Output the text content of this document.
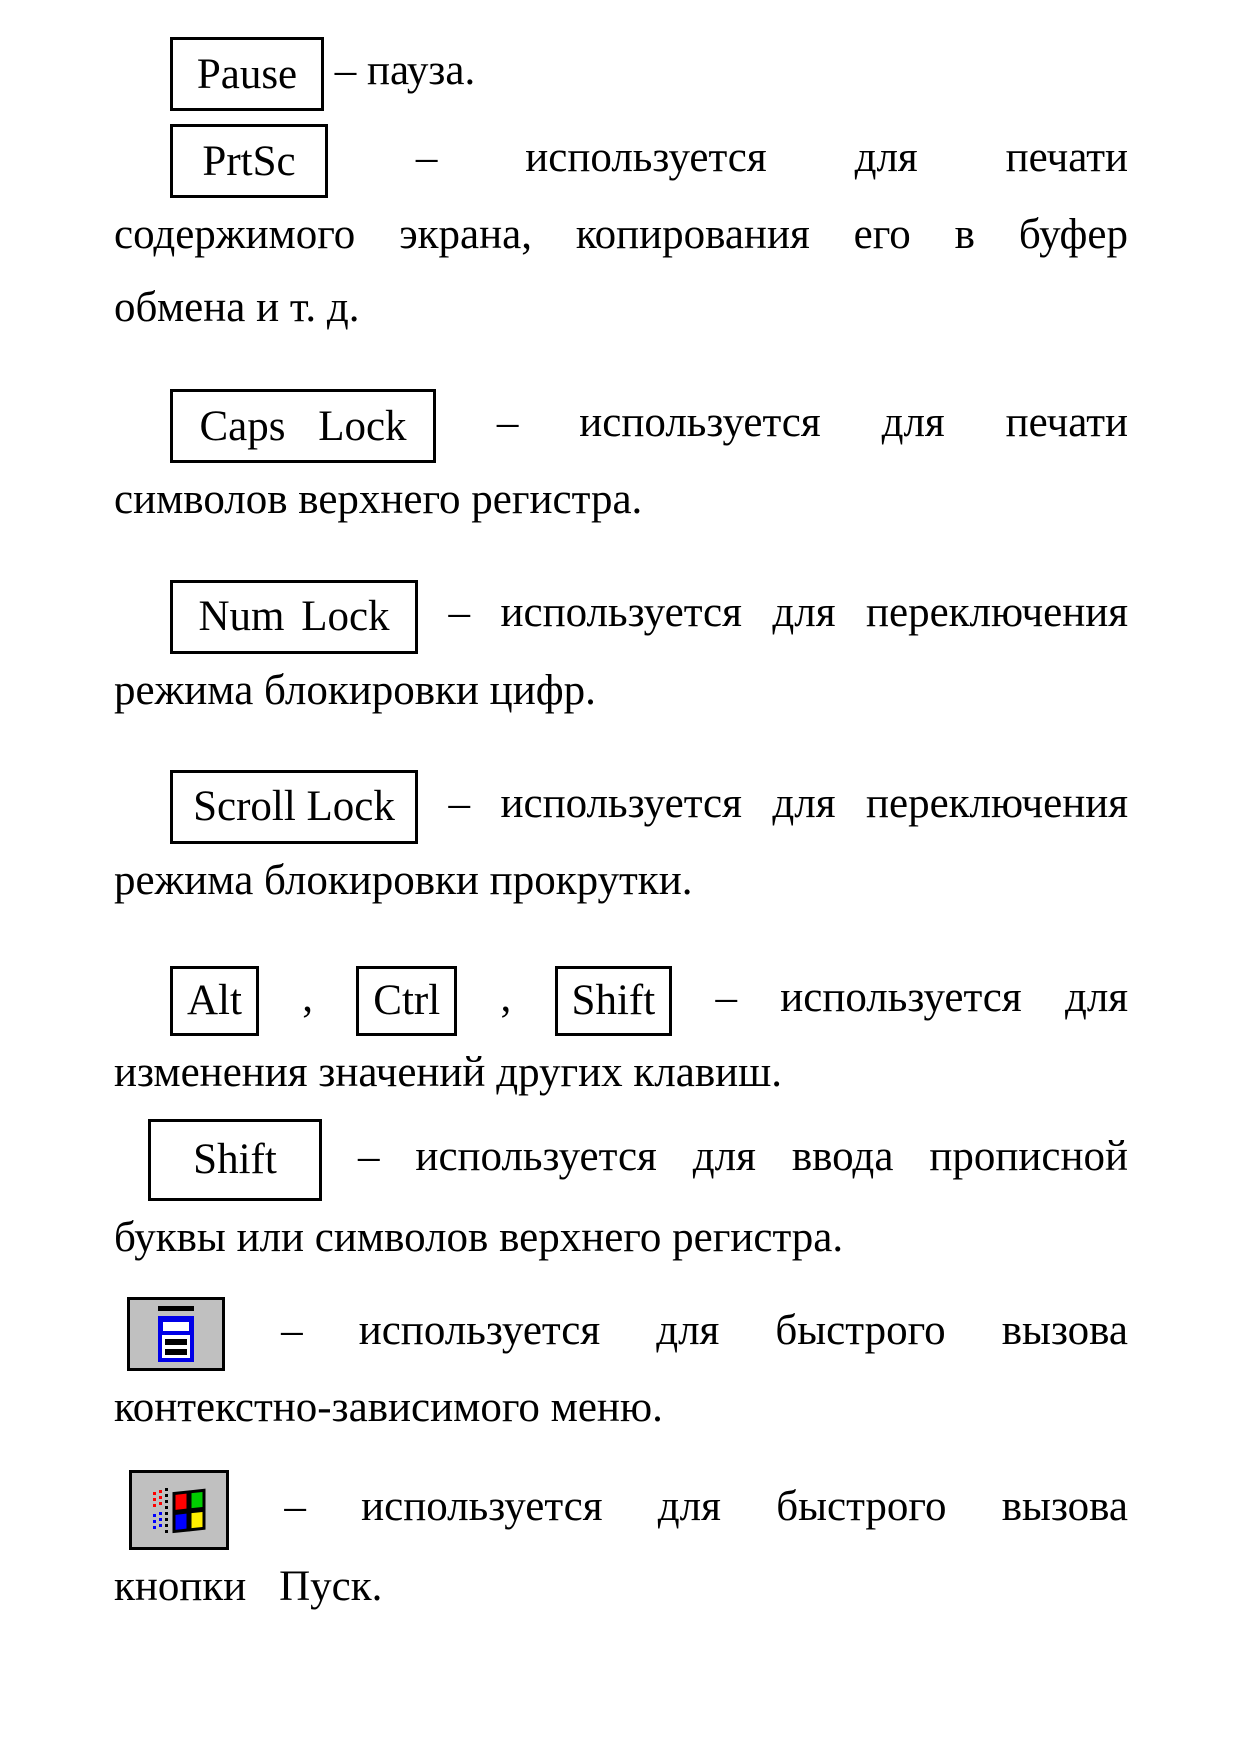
Pause – пауза.
PrtSc	– используется для печати
содержимого экрана, копирования его в буфер
обмена и т. д.
Caps Lock – используется для печати
символов верхнего регистра.
Num Lock – используется для переключения
режима блокировки цифр.
Scroll Lock – используется для переключения
режима блокировки прокрутки.
Alt , Ctrl , Shift – используется для
изменения значений других клавиш.
Shift – используется для ввода прописной
буквы или символов верхнего регистра.
– используется для быстрого вызова
контекстно-зависимого меню.
– используется для быстрого вызова
кнопки Пуск.
